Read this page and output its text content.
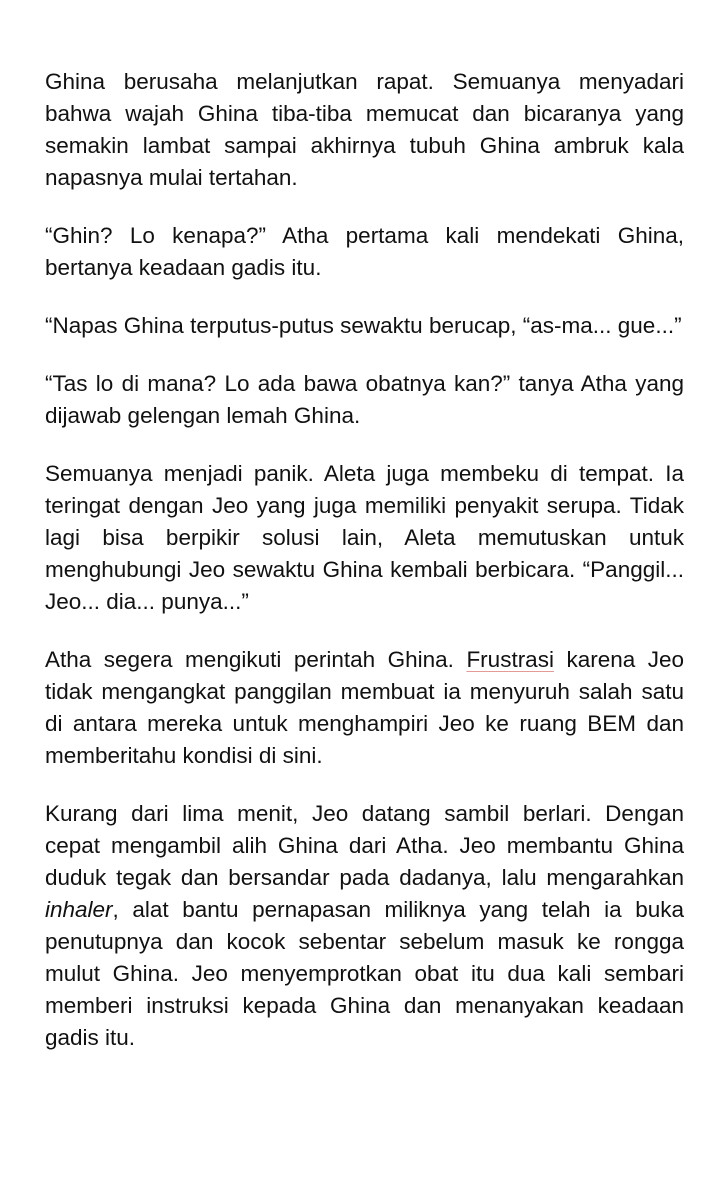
Ghina berusaha melanjutkan rapat. Semuanya menyadari bahwa wajah Ghina tiba-tiba memucat dan bicaranya yang semakin lambat sampai akhirnya tubuh Ghina ambruk kala napasnya mulai tertahan.

“Ghin? Lo kenapa?” Atha pertama kali mendekati Ghina, bertanya keadaan gadis itu.

“Napas Ghina terputus-putus sewaktu berucap, “as-ma... gue...”

“Tas lo di mana? Lo ada bawa obatnya kan?” tanya Atha yang dijawab gelengan lemah Ghina.

Semuanya menjadi panik. Aleta juga membeku di tempat. Ia teringat dengan Jeo yang juga memiliki penyakit serupa. Tidak lagi bisa berpikir solusi lain, Aleta memutuskan untuk menghubungi Jeo sewaktu Ghina kembali berbicara. “Panggil... Jeo... dia... punya...”

Atha segera mengikuti perintah Ghina. Frustrasi karena Jeo tidak mengangkat panggilan membuat ia menyuruh salah satu di antara mereka untuk menghampiri Jeo ke ruang BEM dan memberitahu kondisi di sini.

Kurang dari lima menit, Jeo datang sambil berlari. Dengan cepat mengambil alih Ghina dari Atha. Jeo membantu Ghina duduk tegak dan bersandar pada dadanya, lalu mengarahkan inhaler, alat bantu pernapasan miliknya yang telah ia buka penutupnya dan kocok sebentar sebelum masuk ke rongga mulut Ghina. Jeo menyemprotkan obat itu dua kali sembari memberi instruksi kepada Ghina dan menanyakan keadaan gadis itu.
